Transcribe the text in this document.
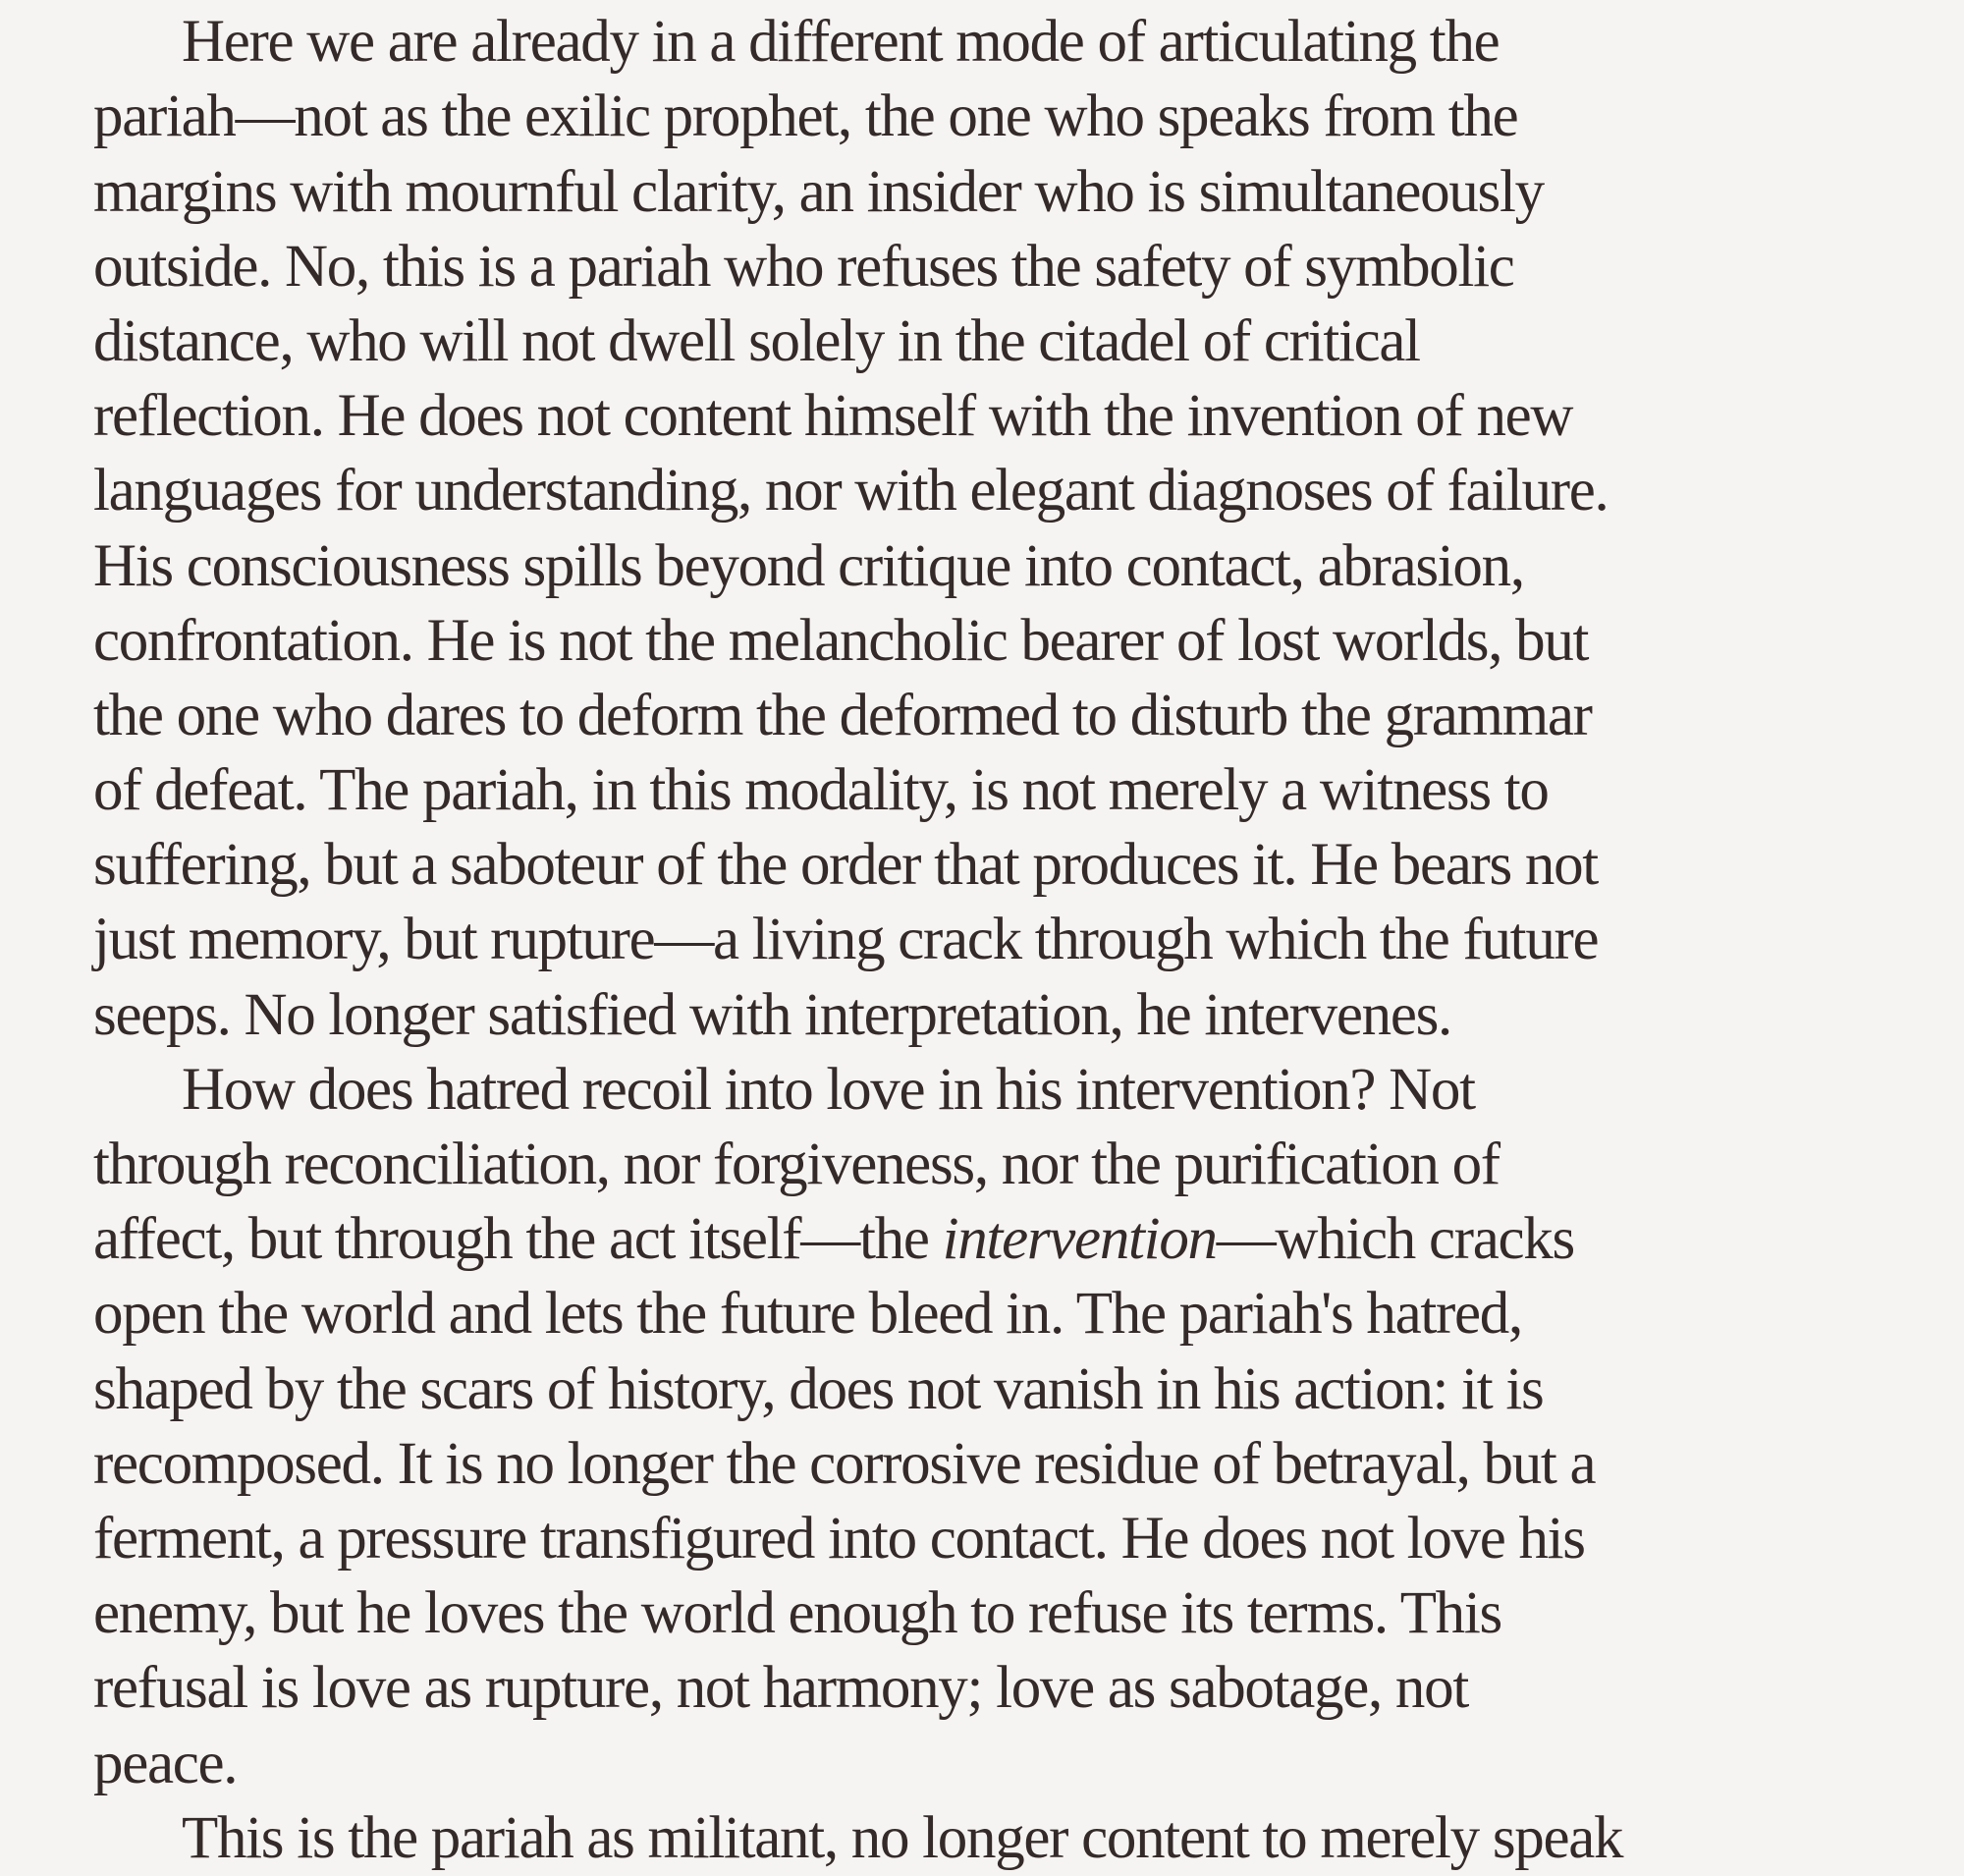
Here we are already in a different mode of articulating the
pariah—not as the exilic prophet, the one who speaks from the
margins with mournful clarity, an insider who is simultaneously
outside. No, this is a pariah who refuses the safety of symbolic
distance, who will not dwell solely in the citadel of critical
reflection. He does not content himself with the invention of new
languages for understanding, nor with elegant diagnoses of failure.
His consciousness spills beyond critique into contact, abrasion,
confrontation. He is not the melancholic bearer of lost worlds, but
the one who dares to deform the deformed to disturb the grammar
of defeat. The pariah, in this modality, is not merely a witness to
suffering, but a saboteur of the order that produces it. He bears not
just memory, but rupture—a living crack through which the future
seeps. No longer satisfied with interpretation, he intervenes.
How does hatred recoil into love in his intervention? Not
through reconciliation, nor forgiveness, nor the purification of
affect, but through the act itself—the intervention—which cracks
open the world and lets the future bleed in. The pariah's hatred,
shaped by the scars of history, does not vanish in his action: it is
recomposed. It is no longer the corrosive residue of betrayal, but a
ferment, a pressure transfigured into contact. He does not love his
enemy, but he loves the world enough to refuse its terms. This
refusal is love as rupture, not harmony; love as sabotage, not
peace.
This is the pariah as militant, no longer content to merely speak
